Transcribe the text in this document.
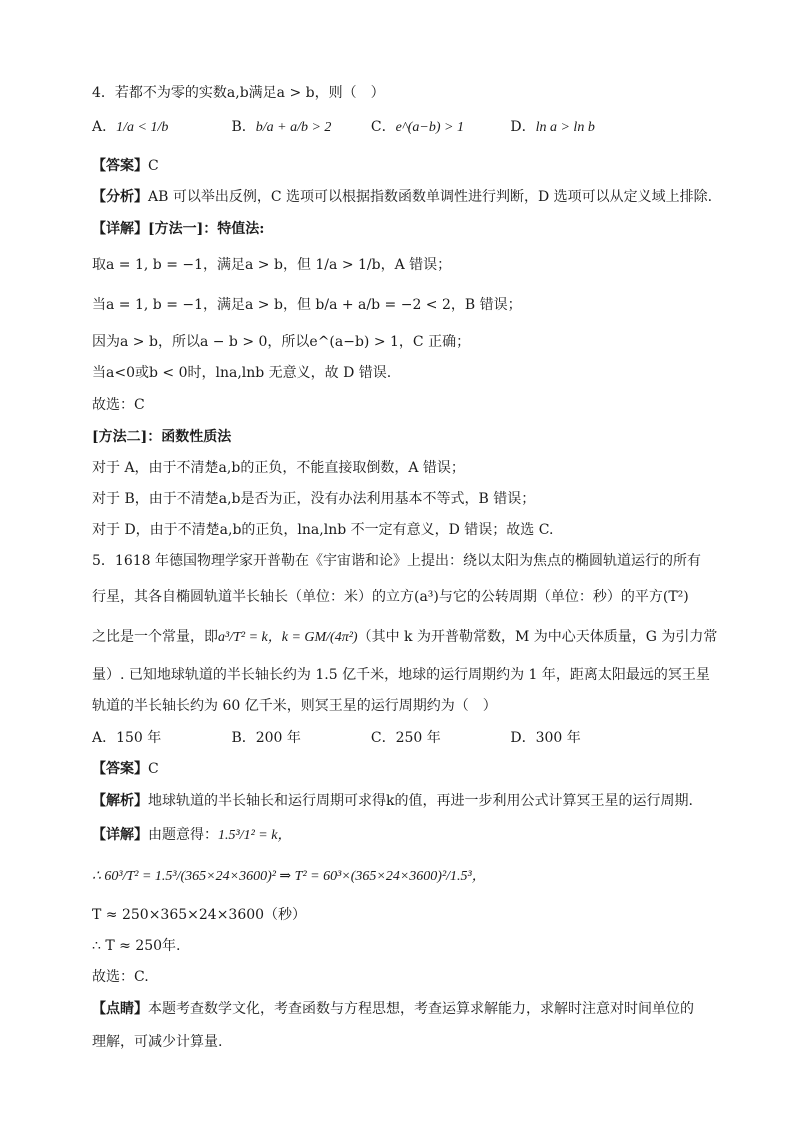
4．若都不为零的实数a,b满足a > b，则（　）
A．1/a < 1/b	B．b/a + a/b > 2	C．e^(a−b) > 1	D．ln a > ln b
【答案】C
【分析】AB 可以举出反例，C 选项可以根据指数函数单调性进行判断，D 选项可以从定义域上排除.
【详解】[方法一]：特值法:
取a = 1, b = −1，满足a > b，但 1/a > 1/b，A 错误；
当a = 1, b = −1，满足a > b，但 b/a + a/b = −2 < 2，B 错误；
因为a > b，所以a − b > 0，所以e^(a−b) > 1，C 正确；
当a<0或b < 0时，lna,lnb 无意义，故 D 错误.
故选：C
[方法二]：函数性质法
对于 A，由于不清楚a,b的正负，不能直接取倒数，A 错误；
对于 B，由于不清楚a,b是否为正，没有办法利用基本不等式，B 错误；
对于 D，由于不清楚a,b的正负，lna,lnb 不一定有意义，D 错误；故选 C.
5．1618 年德国物理学家开普勒在《宇宙谐和论》上提出：绕以太阳为焦点的椭圆轨道运行的所有
行星，其各自椭圆轨道半长轴长（单位：米）的立方(a³)与它的公转周期（单位：秒）的平方(T²)
之比是一个常量，即a³/T² = k，k = GM/(4π²)（其中 k 为开普勒常数，M 为中心天体质量，G 为引力常
量）. 已知地球轨道的半长轴长约为 1.5 亿千米，地球的运行周期约为 1 年，距离太阳最远的冥王星
轨道的半长轴长约为 60 亿千米，则冥王星的运行周期约为（　）
A．150 年	B．200 年	C．250 年	D．300 年
【答案】C
【解析】地球轨道的半长轴长和运行周期可求得k的值，再进一步利用公式计算冥王星的运行周期.
【详解】由题意得：1.5³/1² = k，
∴ 60³/T² = 1.5³/(365×24×3600)² ⇒ T² = 60³×(365×24×3600)²/1.5³，
T ≈ 250×365×24×3600（秒）
∴ T ≈ 250年.
故选：C.
【点睛】本题考查数学文化，考查函数与方程思想，考查运算求解能力，求解时注意对时间单位的
理解，可减少计算量.
